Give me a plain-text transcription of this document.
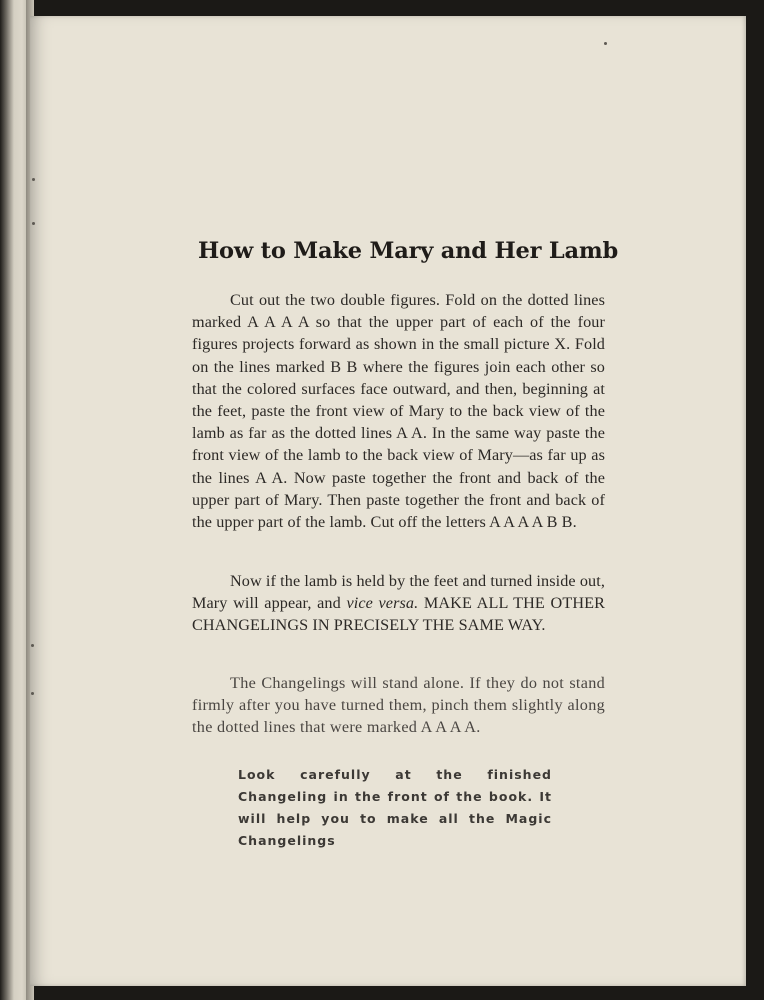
How to Make Mary and Her Lamb
Cut out the two double figures. Fold on the dotted lines marked A A A A so that the upper part of each of the four figures projects forward as shown in the small picture X. Fold on the lines marked B B where the figures join each other so that the colored surfaces face outward, and then, beginning at the feet, paste the front view of Mary to the back view of the lamb as far as the dotted lines A A. In the same way paste the front view of the lamb to the back view of Mary—as far up as the lines A A. Now paste together the front and back of the upper part of Mary. Then paste together the front and back of the upper part of the lamb. Cut off the letters A A A A B B.
Now if the lamb is held by the feet and turned inside out, Mary will appear, and vice versa. MAKE ALL THE OTHER CHANGELINGS IN PRECISELY THE SAME WAY.
The Changelings will stand alone. If they do not stand firmly after you have turned them, pinch them slightly along the dotted lines that were marked A A A A.
Look carefully at the finished Changeling in the front of the book. It will help you to make all the Magic Changelings
